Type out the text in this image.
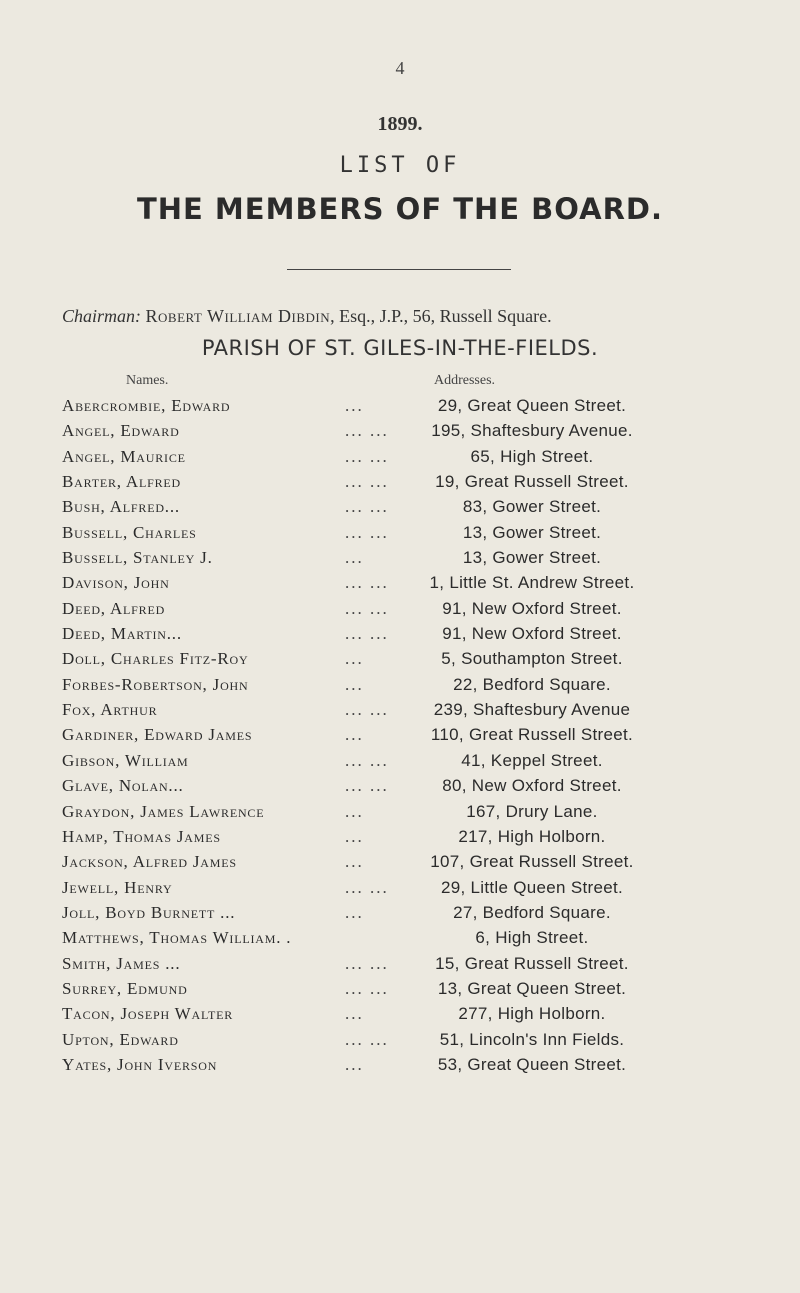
4
1899.
LIST OF
THE MEMBERS OF THE BOARD.
Chairman: Robert William Dibdin, Esq., J.P., 56, Russell Square.
PARISH OF ST. GILES-IN-THE-FIELDS.
Names.	Addresses.
Abercrombie, Edward	...	29, Great Queen Street.
Angel, Edward	... ...	195, Shaftesbury Avenue.
Angel, Maurice	... ...	65, High Street.
Barter, Alfred	... ...	19, Great Russell Street.
Bush, Alfred...	... ...	83, Gower Street.
Bussell, Charles	... ...	13, Gower Street.
Bussell, Stanley J.	...	13, Gower Street.
Davison, John	... ...	1, Little St. Andrew Street.
Deed, Alfred	... ...	91, New Oxford Street.
Deed, Martin...	... ...	91, New Oxford Street.
Doll, Charles Fitz-Roy	...	5, Southampton Street.
Forbes-Robertson, John	...	22, Bedford Square.
Fox, Arthur	... ...	239, Shaftesbury Avenue
Gardiner, Edward James	...	110, Great Russell Street.
Gibson, William	... ...	41, Keppel Street.
Glave, Nolan...	... ...	80, New Oxford Street.
Graydon, James Lawrence	...	167, Drury Lane.
Hamp, Thomas James	...	217, High Holborn.
Jackson, Alfred James	...	107, Great Russell Street.
Jewell, Henry	... ...	29, Little Queen Street.
Joll, Boyd Burnett ...	...	27, Bedford Square.
Matthews, Thomas William. .	6, High Street.
Smith, James ...	... ...	15, Great Russell Street.
Surrey, Edmund	... ...	13, Great Queen Street.
Tacon, Joseph Walter	...	277, High Holborn.
Upton, Edward	... ...	51, Lincoln's Inn Fields.
Yates, John Iverson	...	53, Great Queen Street.
